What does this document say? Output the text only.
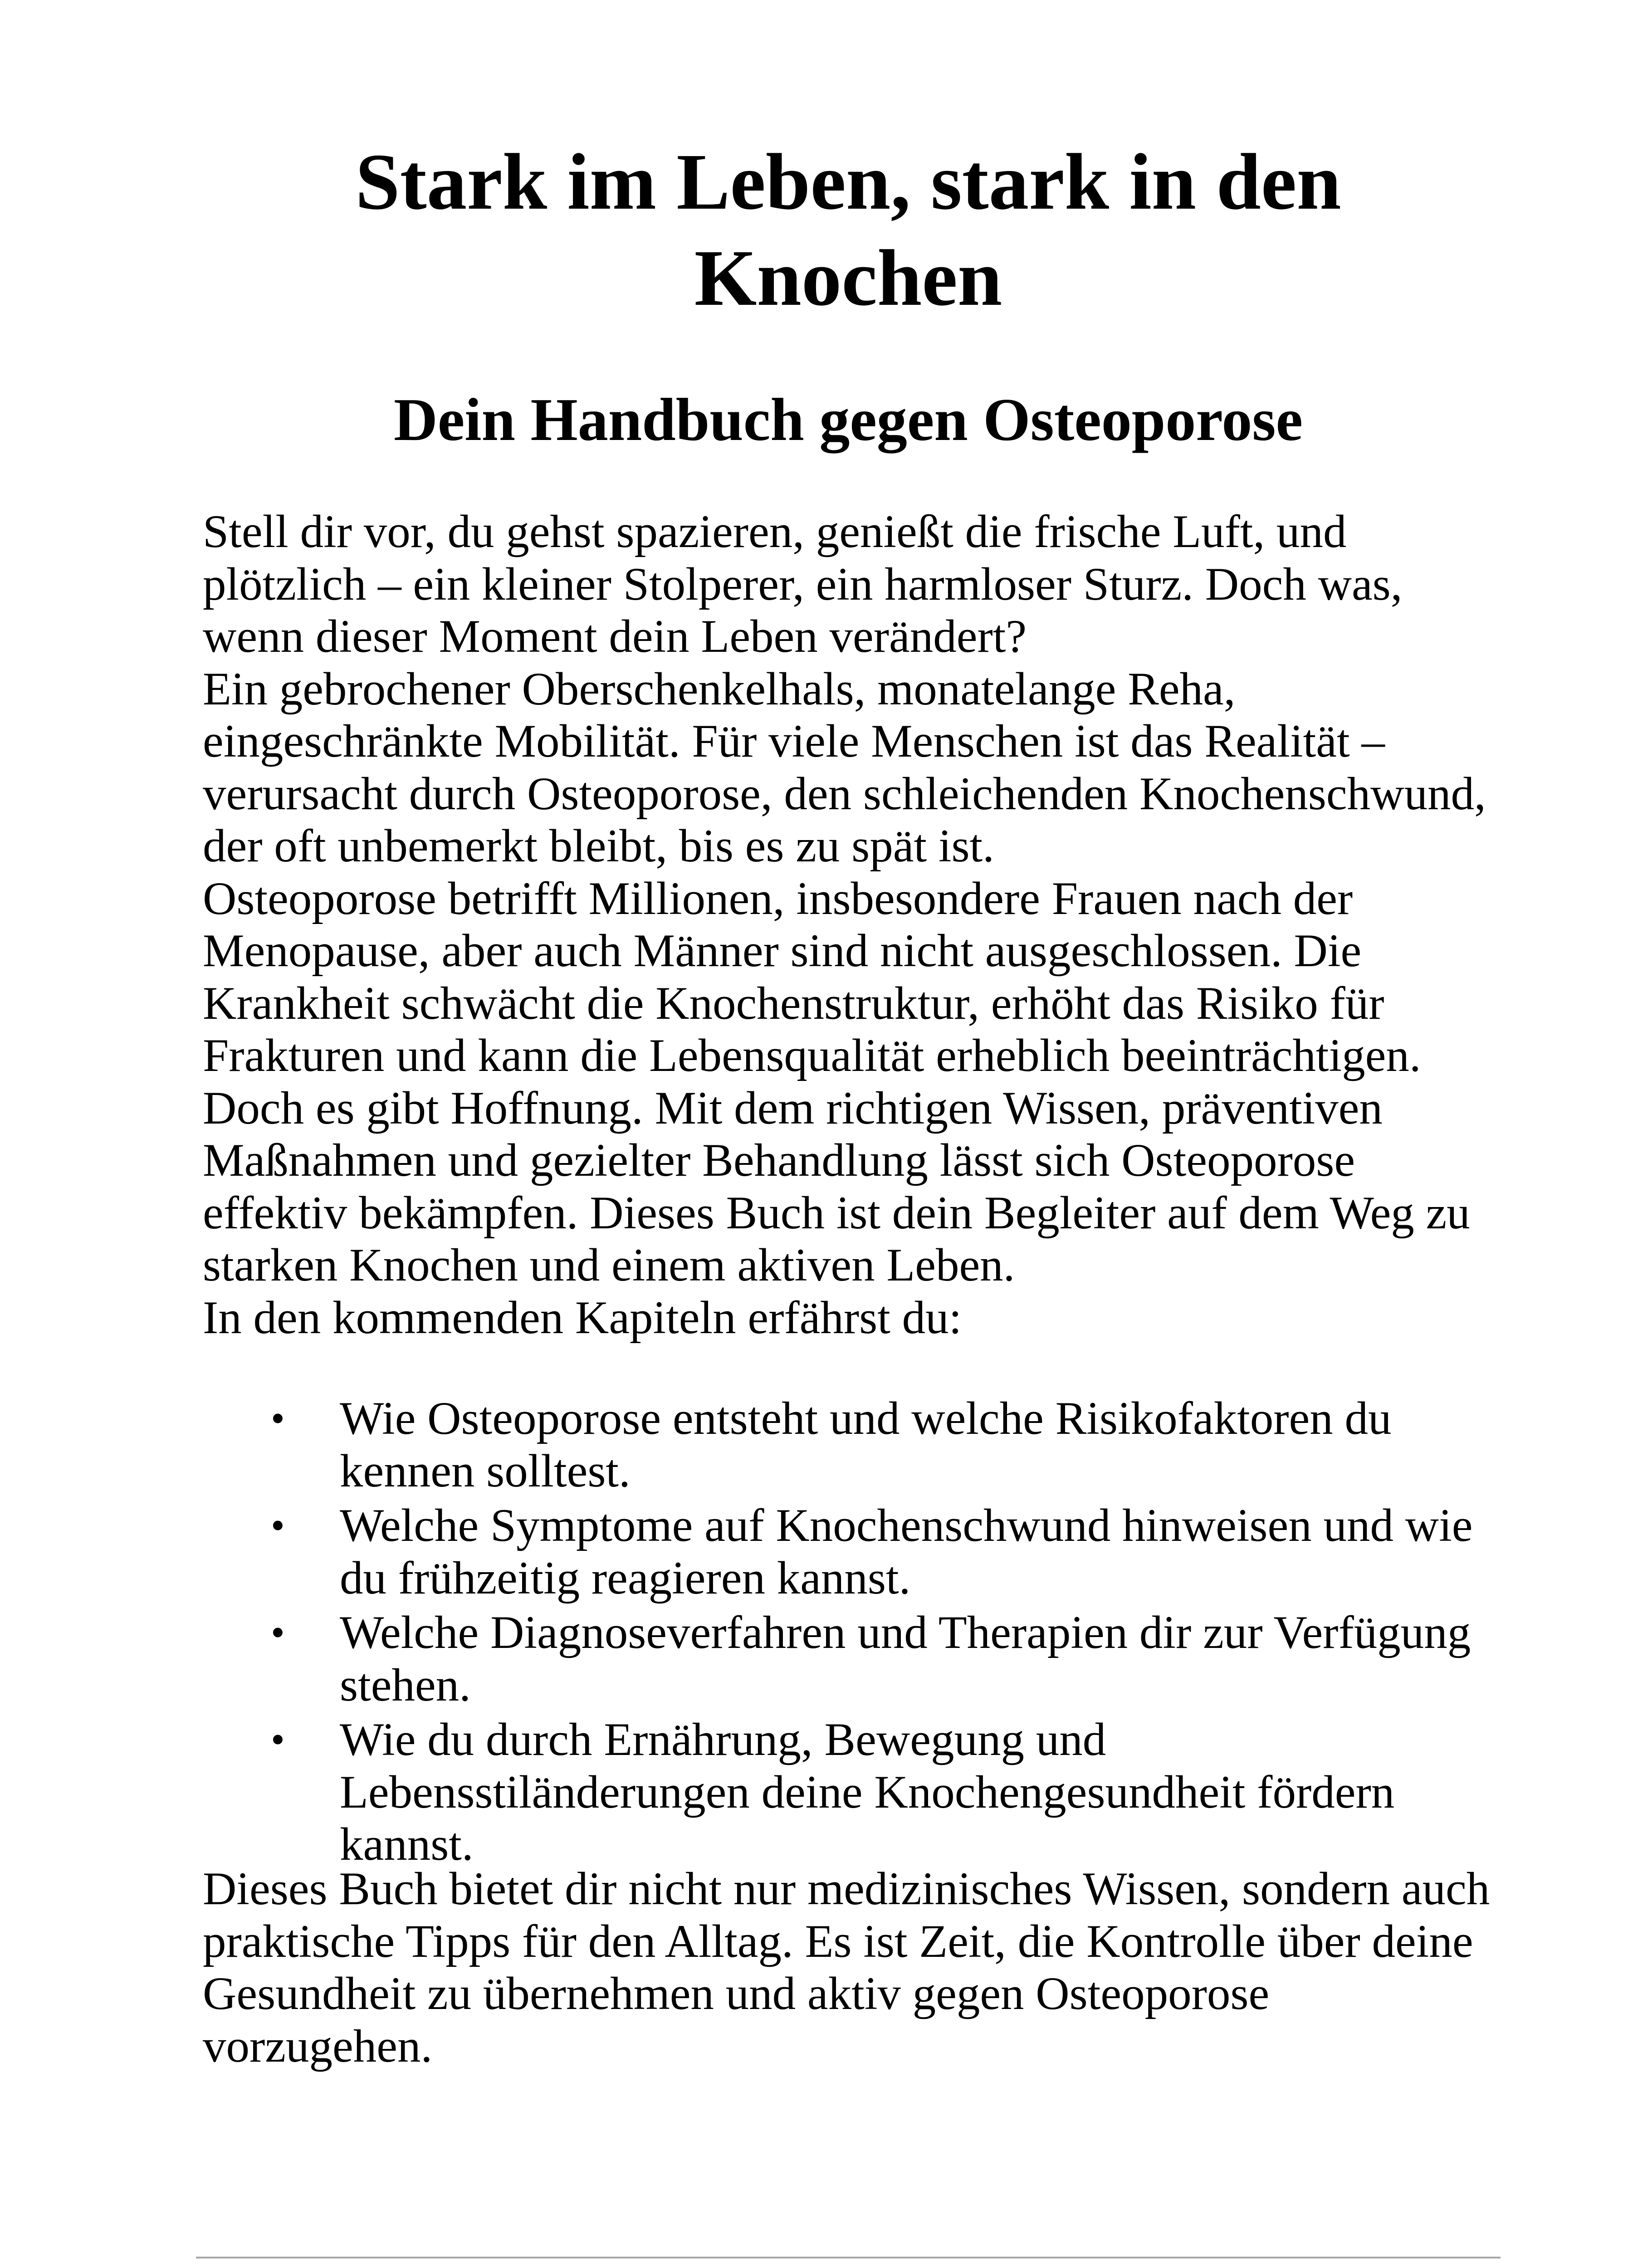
Stark im Leben, stark in den Knochen
Dein Handbuch gegen Osteoporose

Stell dir vor, du gehst spazieren, genießt die frische Luft, und plötzlich – ein kleiner Stolperer, ein harmloser Sturz. Doch was, wenn dieser Moment dein Leben verändert?

Ein gebrochener Oberschenkelhals, monatelange Reha, eingeschränkte Mobilität. Für viele Menschen ist das Realität – verursacht durch Osteoporose, den schleichenden Knochenschwund, der oft unbemerkt bleibt, bis es zu spät ist.

Osteoporose betrifft Millionen, insbesondere Frauen nach der Menopause, aber auch Männer sind nicht ausgeschlossen. Die Krankheit schwächt die Knochenstruktur, erhöht das Risiko für Frakturen und kann die Lebensqualität erheblich beeinträchtigen.

Doch es gibt Hoffnung. Mit dem richtigen Wissen, präventiven Maßnahmen und gezielter Behandlung lässt sich Osteoporose effektiv bekämpfen. Dieses Buch ist dein Begleiter auf dem Weg zu starken Knochen und einem aktiven Leben.

In den kommenden Kapiteln erfährst du:

• Wie Osteoporose entsteht und welche Risikofaktoren du kennen solltest.
• Welche Symptome auf Knochenschwund hinweisen und wie du frühzeitig reagieren kannst.
• Welche Diagnoseverfahren und Therapien dir zur Verfügung stehen.
• Wie du durch Ernährung, Bewegung und Lebensstiländerungen deine Knochengesundheit fördern kannst.

Dieses Buch bietet dir nicht nur medizinisches Wissen, sondern auch praktische Tipps für den Alltag. Es ist Zeit, die Kontrolle über deine Gesundheit zu übernehmen und aktiv gegen Osteoporose vorzugehen.
